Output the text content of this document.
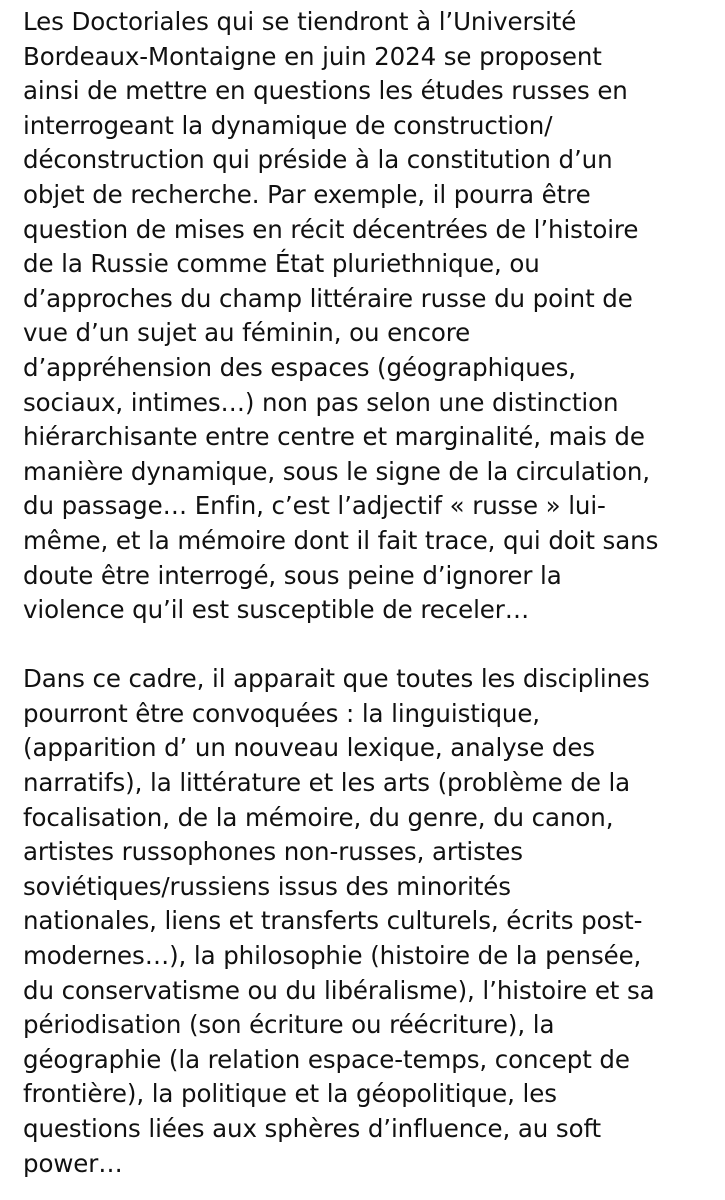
Les Doctoriales qui se tiendront à l’Université
Bordeaux-Montaigne en juin 2024 se proposent
ainsi de mettre en questions les études russes en
interrogeant la dynamique de construction/
déconstruction qui préside à la constitution d’un
objet de recherche. Par exemple, il pourra être
question de mises en récit décentrées de l’histoire
de la Russie comme État pluriethnique, ou
d’approches du champ littéraire russe du point de
vue d’un sujet au féminin, ou encore
d’appréhension des espaces (géographiques,
sociaux, intimes…) non pas selon une distinction
hiérarchisante entre centre et marginalité, mais de
manière dynamique, sous le signe de la circulation,
du passage… Enfin, c’est l’adjectif « russe » lui-
même, et la mémoire dont il fait trace, qui doit sans
doute être interrogé, sous peine d’ignorer la
violence qu’il est susceptible de receler…
Dans ce cadre, il apparait que toutes les disciplines
pourront être convoquées : la linguistique,
(apparition d’ un nouveau lexique, analyse des
narratifs), la littérature et les arts (problème de la
focalisation, de la mémoire, du genre, du canon,
artistes russophones non-russes, artistes
soviétiques/russiens issus des minorités
nationales, liens et transferts culturels, écrits post-
modernes…), la philosophie (histoire de la pensée,
du conservatisme ou du libéralisme), l’histoire et sa
périodisation (son écriture ou réécriture), la
géographie (la relation espace-temps, concept de
frontière), la politique et la géopolitique, les
questions liées aux sphères d’influence, au soft
power…
